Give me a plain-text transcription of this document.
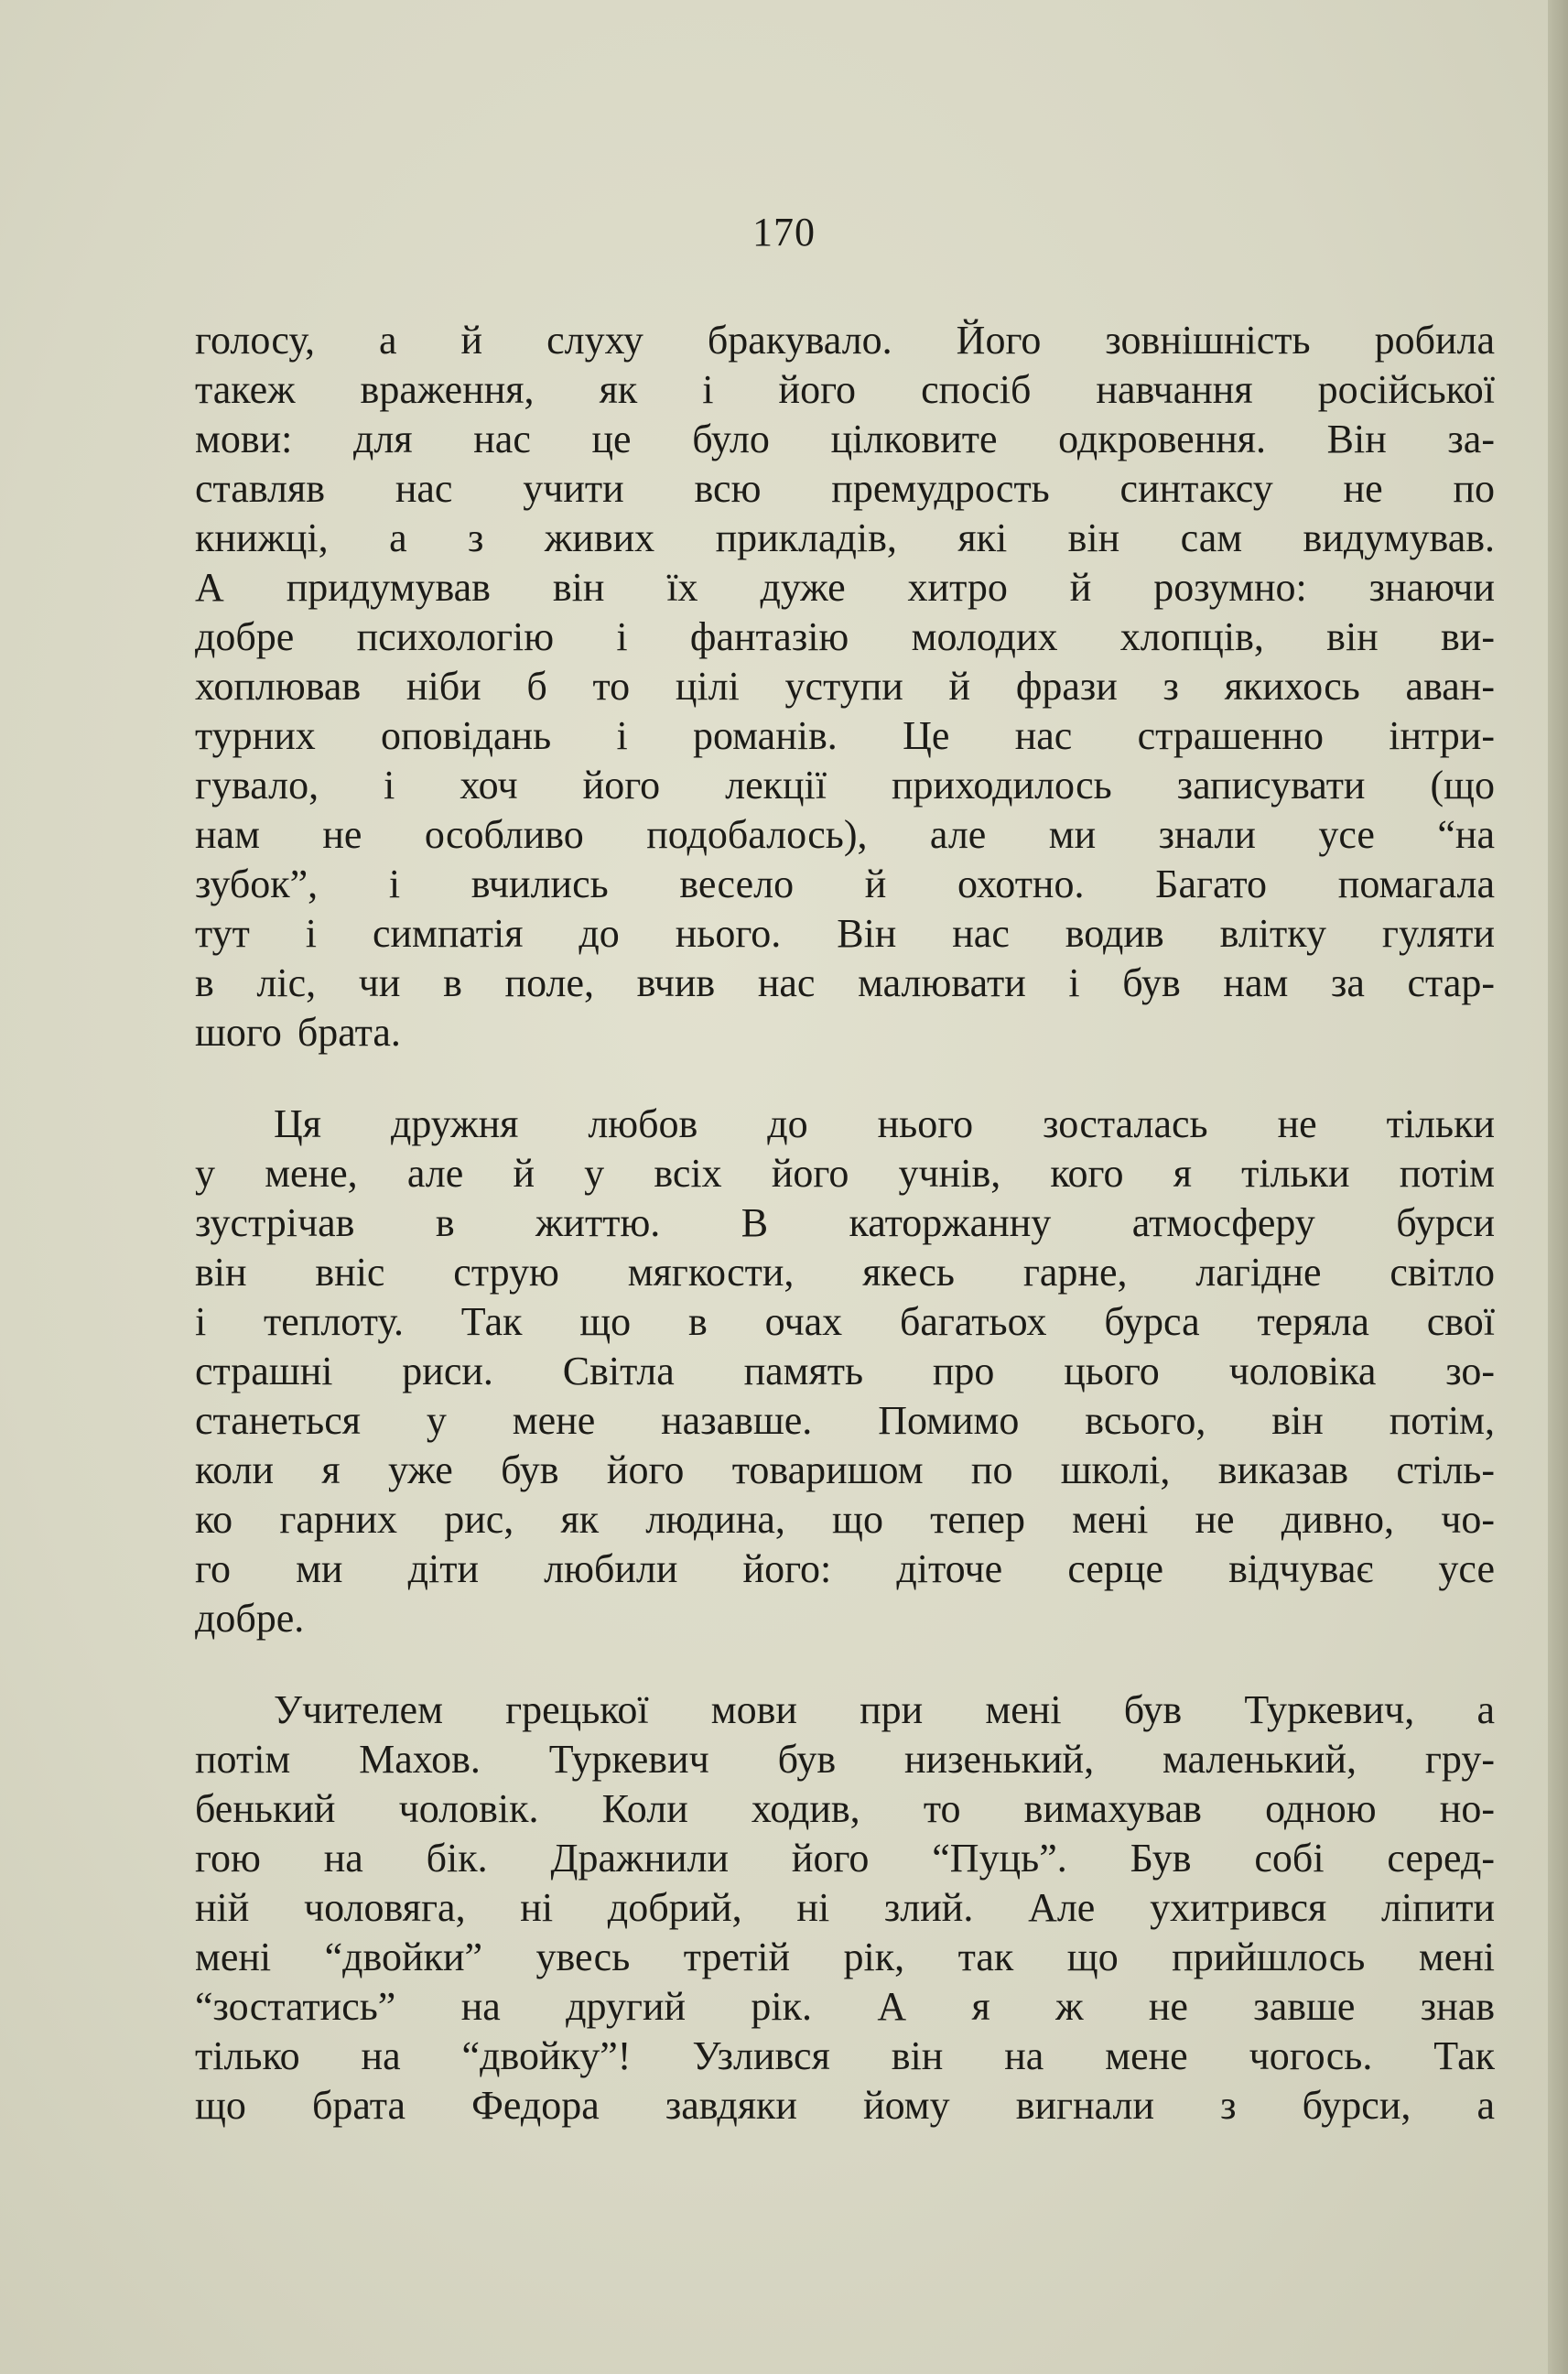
170
голосу, а й слуху бракувало. Його зовнішність робила
такеж враження, як і його спосіб навчання російської
мови: для нас це було цілковите одкровення. Він за-
ставляв нас учити всю премудрость синтаксу не по
книжці, а з живих прикладів, які він сам видумував.
А придумував він їх дуже хитро й розумно: знаючи
добре психологію і фантазію молодих хлопців, він ви-
хоплював ніби б то цілі уступи й фрази з якихось аван-
турних оповідань і романів. Це нас страшенно інтри-
гувало, і хоч його лекції приходилось записувати (що
нам не особливо подобалось), але ми знали усе “на
зубок”, і вчились весело й охотно. Багато помагала
тут і симпатія до нього. Він нас водив влітку гуляти
в ліс, чи в поле, вчив нас малювати і був нам за стар-
шого брата.
Ця дружня любов до нього зосталась не тільки
у мене, але й у всіх його учнів, кого я тільки потім
зустрічав в життю. В каторжанну атмосферу бурси
він вніс струю мягкости, якесь гарне, лагідне світло
і теплоту. Так що в очах багатьох бурса теряла свої
страшні риси. Світла память про цього чоловіка зо-
станеться у мене назавше. Помимо всього, він потім,
коли я уже був його товаришом по школі, виказав стіль-
ко гарних рис, як людина, що тепер мені не дивно, чо-
го ми діти любили його: діточе серце відчуває усе
добре.
Учителем грецької мови при мені був Туркевич, а
потім Махов. Туркевич був низенький, маленький, гру-
бенький чоловік. Коли ходив, то вимахував одною но-
гою на бік. Дражнили його “Пуць”. Був собі серед-
ній чоловяга, ні добрий, ні злий. Але ухитрився ліпити
мені “двойки” увесь третій рік, так що прийшлось мені
“зостатись” на другий рік. А я ж не завше знав
тілько на “двойку”! Узлився він на мене чогось. Так
що брата Федора завдяки йому вигнали з бурси, а
